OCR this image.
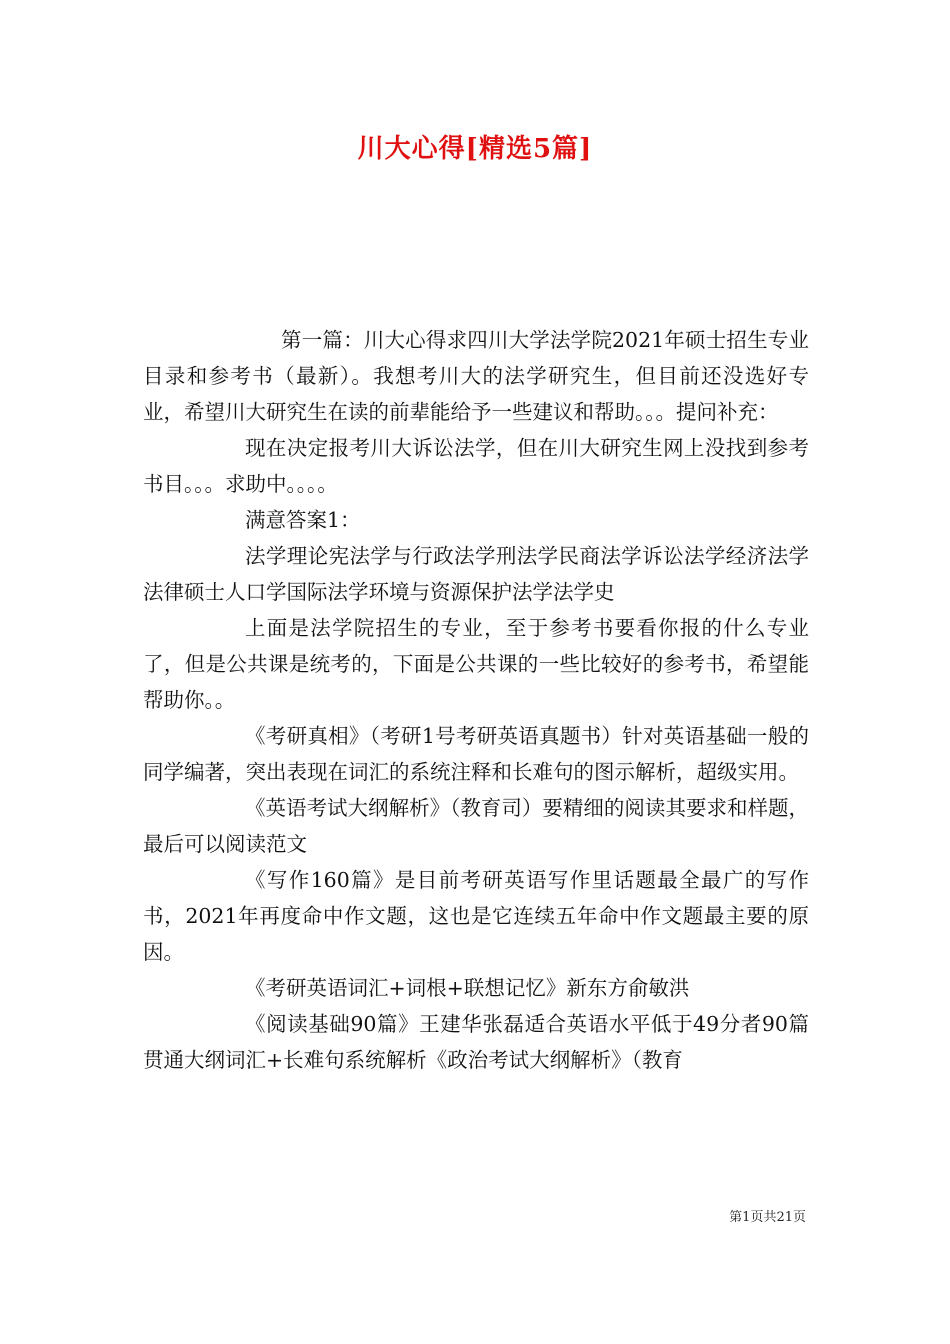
川大心得[精选5篇]

第一篇：川大心得求四川大学法学院2021年硕士招生专业目录和参考书（最新）。我想考川大的法学研究生，但目前还没选好专业，希望川大研究生在读的前辈能给予一些建议和帮助。。。提问补充：

现在决定报考川大诉讼法学，但在川大研究生网上没找到参考书目。。。求助中。。。。

满意答案1：

法学理论宪法学与行政法学刑法学民商法学诉讼法学经济法学法律硕士人口学国际法学环境与资源保护法学法学史

上面是法学院招生的专业，至于参考书要看你报的什么专业了，但是公共课是统考的，下面是公共课的一些比较好的参考书，希望能帮助你。。

《考研真相》（考研1号考研英语真题书）针对英语基础一般的同学编著，突出表现在词汇的系统注释和长难句的图示解析，超级实用。

《英语考试大纲解析》（教育司）要精细的阅读其要求和样题，最后可以阅读范文

《写作160篇》是目前考研英语写作里话题最全最广的写作书，2021年再度命中作文题，这也是它连续五年命中作文题最主要的原因。

《考研英语词汇+词根+联想记忆》新东方俞敏洪

《阅读基础90篇》王建华张磊适合英语水平低于49分者90篇贯通大纲词汇+长难句系统解析《政治考试大纲解析》（教育

第1页共21页
